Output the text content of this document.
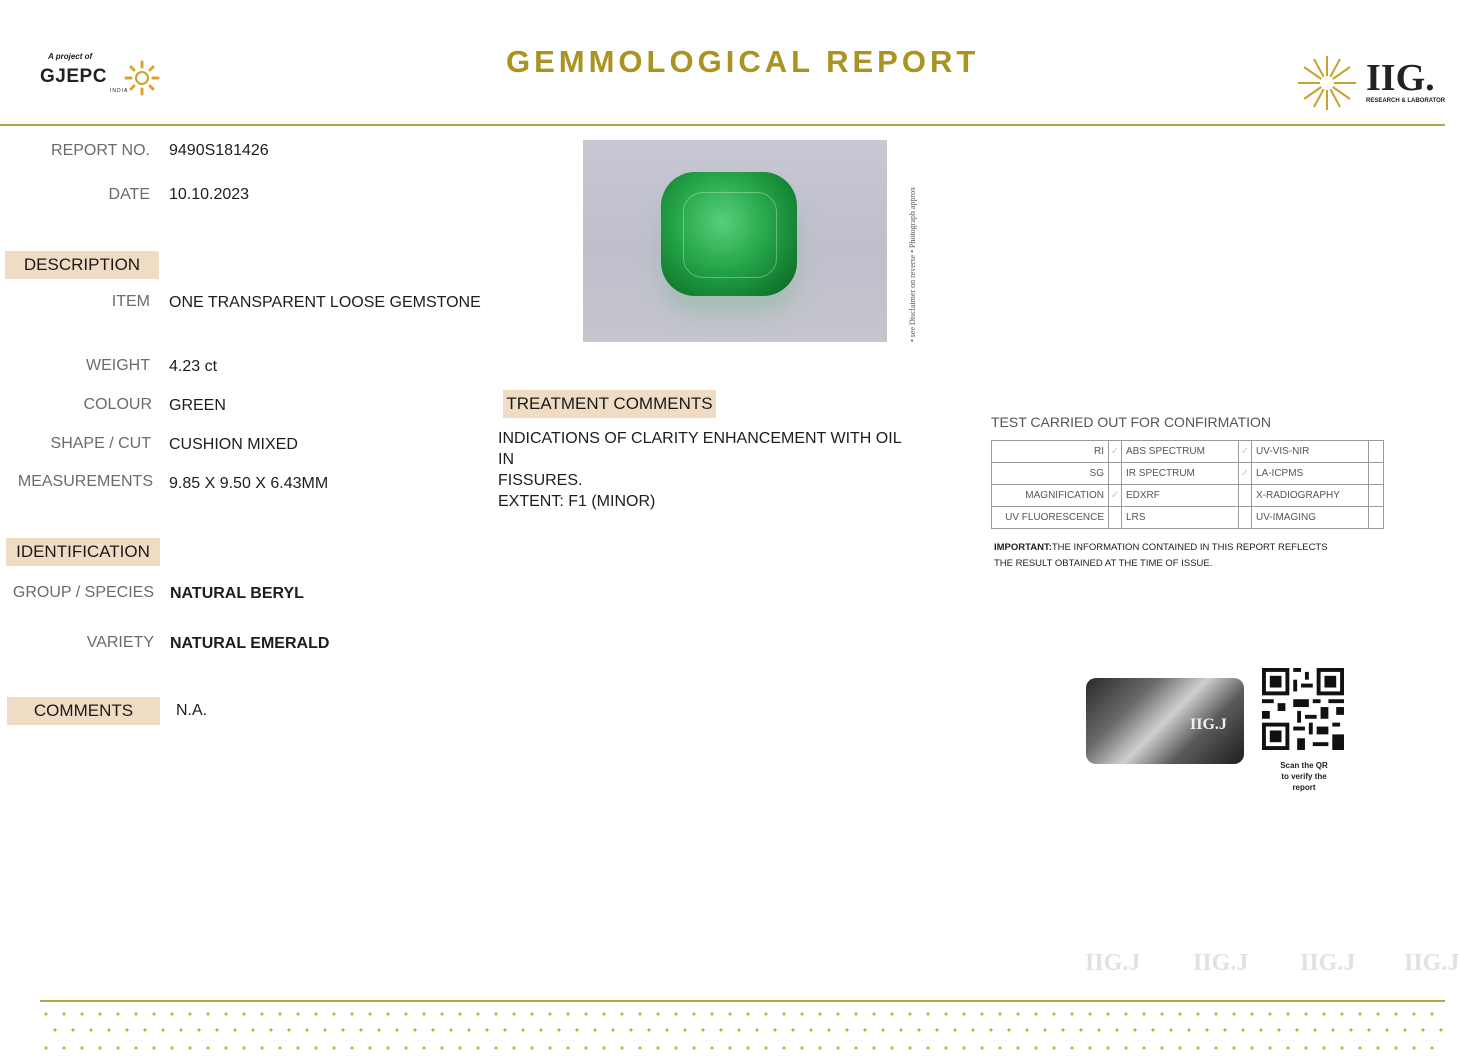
A project of
GJEPC
INDIA
GEMMOLOGICAL REPORT	IIG.
RESEARCH & LABORATOR
REPORT NO. 9490S181426
DATE 10.10.2023
DESCRIPTION
ITEM ONE TRANSPARENT LOOSE GEMSTONE
WEIGHT 4.23 ct
COLOUR GREEN
SHAPE / CUT CUSHION MIXED
MEASUREMENTS 9.85 X 9.50 X 6.43MM
IDENTIFICATION
GROUP / SPECIES NATURAL BERYL
VARIETY NATURAL EMERALD
COMMENTS	N.A.
• see Disclaimer on reverse • Photograph approx
TREATMENT COMMENTS
INDICATIONS OF CLARITY ENHANCEMENT WITH OIL IN
FISSURES.
EXTENT: F1 (MINOR)
TEST CARRIED OUT FOR CONFIRMATION
RI	✓	ABS SPECTRUM	✓	UV-VIS-NIR	
SG		IR SPECTRUM	✓	LA-ICPMS	
MAGNIFICATION	✓	EDXRF		X-RADIOGRAPHY	
UV FLUORESCENCE		LRS		UV-IMAGING	
IMPORTANT:THE INFORMATION CONTAINED IN THIS REPORT REFLECTS THE RESULT OBTAINED AT THE TIME OF ISSUE.
IIG.J
Scan the QR to verify the report
IIG.J IIG.J IIG.J IIG.J
